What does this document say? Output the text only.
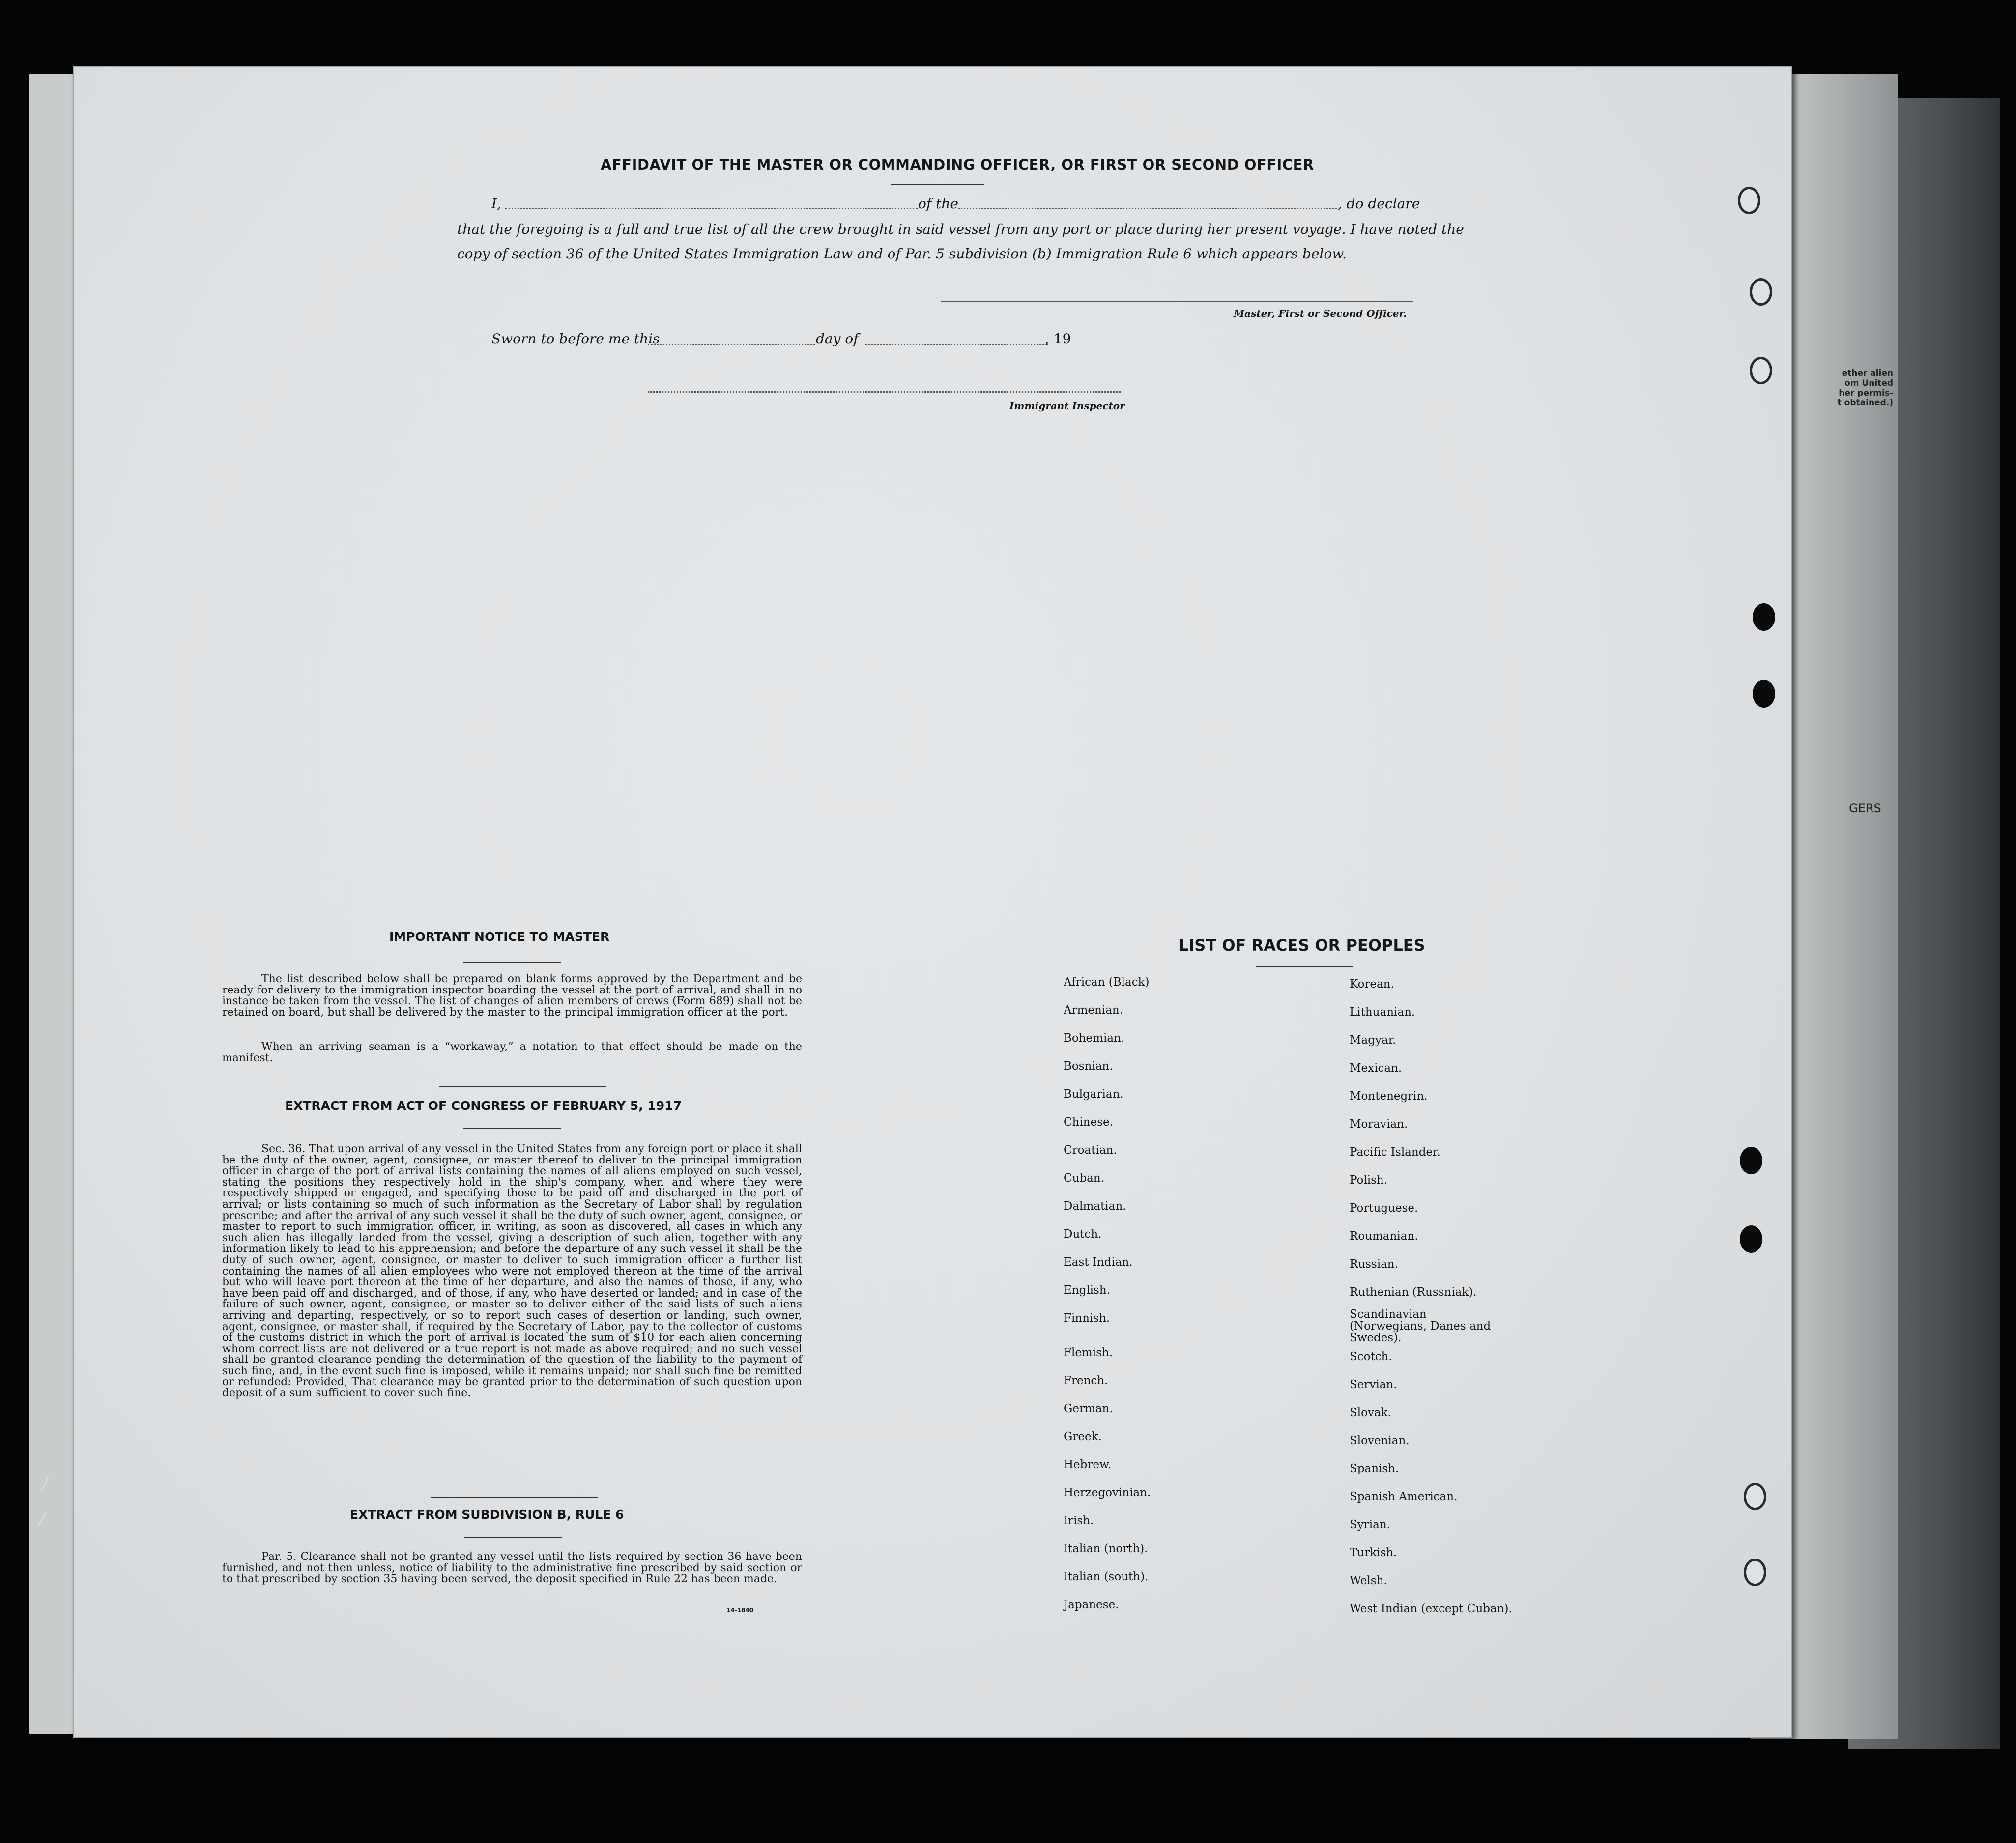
ether alien
om United
her permis-
t obtained.)
GERS
AFFIDAVIT OF THE MASTER OR COMMANDING OFFICER, OR FIRST OR SECOND OFFICER
I,	of the	, do declare
that the foregoing is a full and true list of all the crew brought in said vessel from any port or place during her present voyage. I have noted the
copy of section 36 of the United States Immigration Law and of Par. 5 subdivision (b) Immigration Rule 6 which appears below.
Master, First or Second Officer.
Sworn to before me this	day of	, 19
Immigrant Inspector
IMPORTANT NOTICE TO MASTER
The list described below shall be prepared on blank forms approved by the Department and be ready for delivery to the immigration inspector boarding the vessel at the port of arrival, and shall in no instance be taken from the vessel. The list of changes of alien members of crews (Form 689) shall not be retained on board, but shall be delivered by the master to the principal immigration officer at the port.
When an arriving seaman is a “workaway,” a notation to that effect should be made on the manifest.
EXTRACT FROM ACT OF CONGRESS OF FEBRUARY 5, 1917
Sec. 36. That upon arrival of any vessel in the United States from any foreign port or place it shall be the duty of the owner, agent, consignee, or master thereof to deliver to the principal immigration officer in charge of the port of arrival lists containing the names of all aliens employed on such vessel, stating the positions they respectively hold in the ship's company, when and where they were respectively shipped or engaged, and specifying those to be paid off and discharged in the port of arrival; or lists containing so much of such information as the Secretary of Labor shall by regulation prescribe; and after the arrival of any such vessel it shall be the duty of such owner, agent, consignee, or master to report to such immigration officer, in writing, as soon as discovered, all cases in which any such alien has illegally landed from the vessel, giving a description of such alien, together with any information likely to lead to his apprehension; and before the departure of any such vessel it shall be the duty of such owner, agent, consignee, or master to deliver to such immigration officer a further list containing the names of all alien employees who were not employed thereon at the time of the arrival but who will leave port thereon at the time of her departure, and also the names of those, if any, who have been paid off and discharged, and of those, if any, who have deserted or landed; and in case of the failure of such owner, agent, consignee, or master so to deliver either of the said lists of such aliens arriving and departing, respectively, or so to report such cases of desertion or landing, such owner, agent, consignee, or master shall, if required by the Secretary of Labor, pay to the collector of customs of the customs district in which the port of arrival is located the sum of $10 for each alien concerning whom correct lists are not delivered or a true report is not made as above required; and no such vessel shall be granted clearance pending the determination of the question of the liability to the payment of such fine, and, in the event such fine is imposed, while it remains unpaid; nor shall such fine be remitted or refunded: Provided, That clearance may be granted prior to the determination of such question upon deposit of a sum sufficient to cover such fine.
EXTRACT FROM SUBDIVISION B, RULE 6
Par. 5. Clearance shall not be granted any vessel until the lists required by section 36 have been furnished, and not then unless, notice of liability to the administrative fine prescribed by said section or to that prescribed by section 35 having been served, the deposit specified in Rule 22 has been made.
14-1840
LIST OF RACES OR PEOPLES
African (Black)
Armenian.
Bohemian.
Bosnian.
Bulgarian.
Chinese.
Croatian.
Cuban.
Dalmatian.
Dutch.
East Indian.
English.
Finnish.
Flemish.
French.
German.
Greek.
Hebrew.
Herzegovinian.
Irish.
Italian (north).
Italian (south).
Japanese.
Korean.
Lithuanian.
Magyar.
Mexican.
Montenegrin.
Moravian.
Pacific Islander.
Polish.
Portuguese.
Roumanian.
Russian.
Ruthenian (Russniak).
Scandinavian (Norwegians, Danes and Swedes).
Scotch.
Servian.
Slovak.
Slovenian.
Spanish.
Spanish American.
Syrian.
Turkish.
Welsh.
West Indian (except Cuban).
/
/
